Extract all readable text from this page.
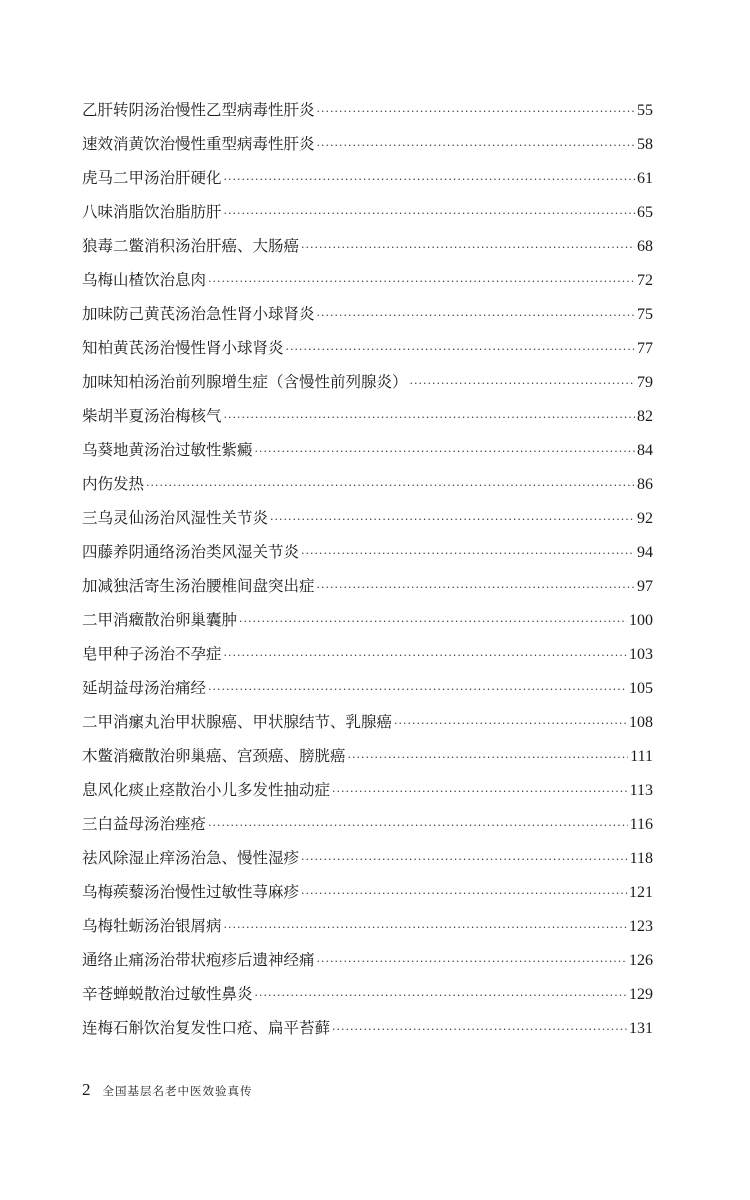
乙肝转阴汤治慢性乙型病毒性肝炎 ·····	55
速效消黄饮治慢性重型病毒性肝炎 ·····	58
虎马二甲汤治肝硬化 ·····	61
八味消脂饮治脂肪肝 ·····	65
狼毒二鳖消积汤治肝癌、大肠癌 ·····	68
乌梅山楂饮治息肉 ·····	72
加味防己黄芪汤治急性肾小球肾炎 ·····	75
知柏黄芪汤治慢性肾小球肾炎 ·····	77
加味知柏汤治前列腺增生症（含慢性前列腺炎） ·····	79
柴胡半夏汤治梅核气 ·····	82
乌葵地黄汤治过敏性紫癜 ·····	84
内伤发热 ·····	86
三乌灵仙汤治风湿性关节炎 ·····	92
四藤养阴通络汤治类风湿关节炎 ·····	94
加减独活寄生汤治腰椎间盘突出症 ·····	97
二甲消癥散治卵巢囊肿 ·····	100
皂甲种子汤治不孕症 ·····	103
延胡益母汤治痛经 ·····	105
二甲消瘰丸治甲状腺癌、甲状腺结节、乳腺癌 ·····	108
木鳖消癥散治卵巢癌、宫颈癌、膀胱癌 ·····	111
息风化痰止痉散治小儿多发性抽动症 ·····	113
三白益母汤治痤疮 ·····	116
祛风除湿止痒汤治急、慢性湿疹 ·····	118
乌梅蒺藜汤治慢性过敏性荨麻疹 ·····	121
乌梅牡蛎汤治银屑病 ·····	123
通络止痛汤治带状疱疹后遗神经痛 ·····	126
辛苍蝉蜕散治过敏性鼻炎 ·····	129
连梅石斛饮治复发性口疮、扁平苔藓 ·····	131
2 全国基层名老中医效验真传
